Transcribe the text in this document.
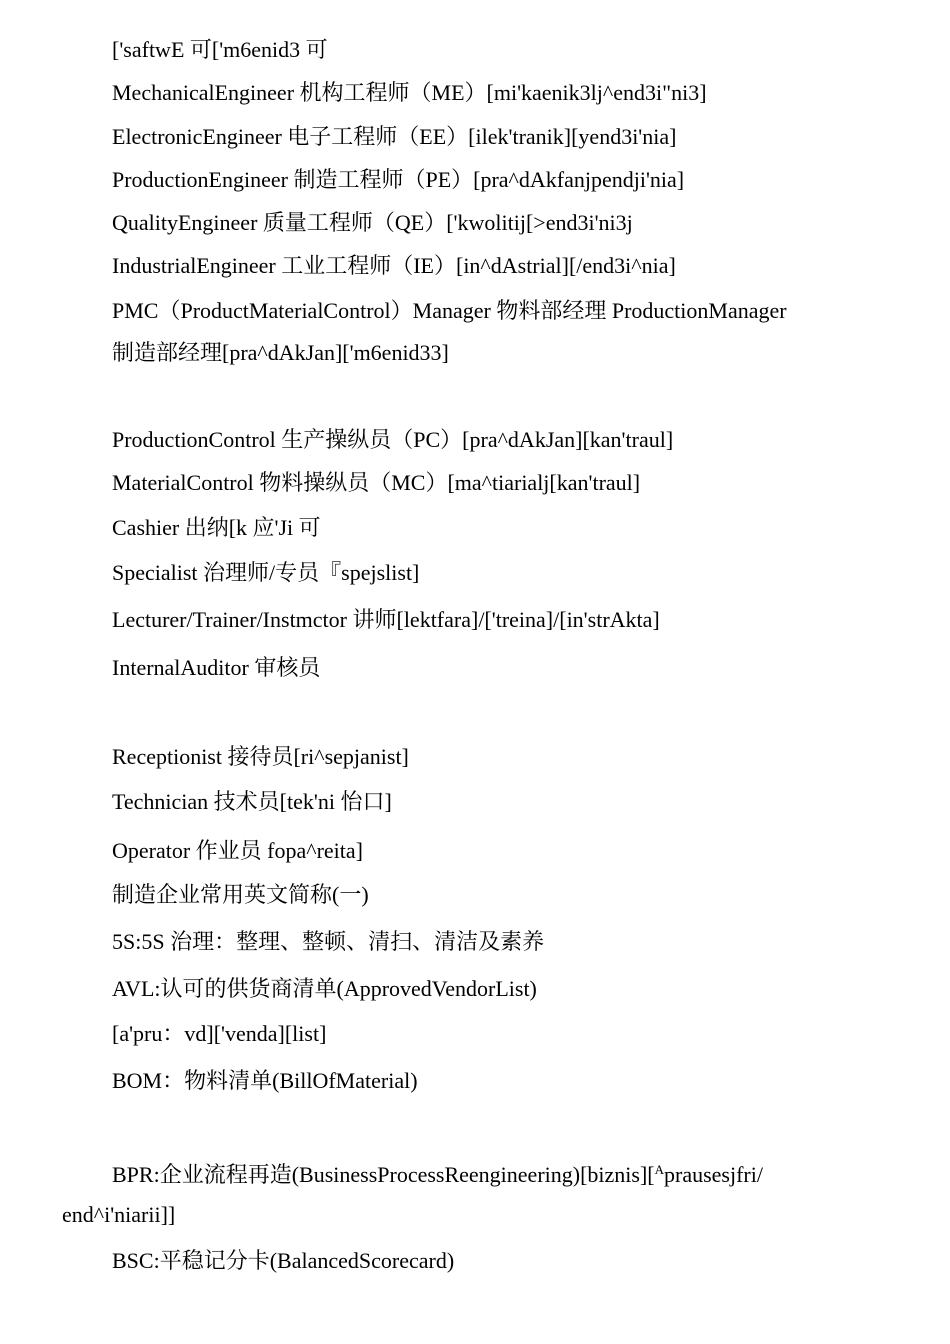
['saftwE 可['m6enid3 可
MechanicalEngineer 机构工程师（ME）[mi'kaenik3lj^end3i"ni3]
ElectronicEngineer 电子工程师（EE）[ilek'tranik][yend3i'nia]
ProductionEngineer 制造工程师（PE）[pra^dAkfanjpendji'nia]
QualityEngineer 质量工程师（QE）['kwolitij[>end3i'ni3j
IndustrialEngineer 工业工程师（IE）[in^dAstrial][/end3i^nia]
PMC（ProductMaterialControl）Manager 物料部经理 ProductionManager
制造部经理[pra^dAkJan]['m6enid33]
ProductionControl 生产操纵员（PC）[pra^dAkJan][kan'traul]
MaterialControl 物料操纵员（MC）[ma^tiarialj[kan'traul]
Cashier 出纳[k 应'Ji 可
Specialist 治理师/专员『spejslist]
Lecturer/Trainer/Instmctor 讲师[lektfara]/['treina]/[in'strAkta]
InternalAuditor 审核员
Receptionist 接待员[ri^sepjanist]
Technician 技术员[tek'ni 怡口]
Operator 作业员 fopa^reita]
制造企业常用英文简称(一)
5S:5S 治理：整理、整顿、清扫、清洁及素养
AVL:认可的供货商清单(ApprovedVendorList)
[a'pru：vd]['venda][list]
BOM：物料清单(BillOfMaterial)
BPR:企业流程再造(BusinessProcessReengineering)[biznis][$^A$prausesjfri/
end^i'niarii]]
BSC:平稳记分卡(BalancedScorecard)
